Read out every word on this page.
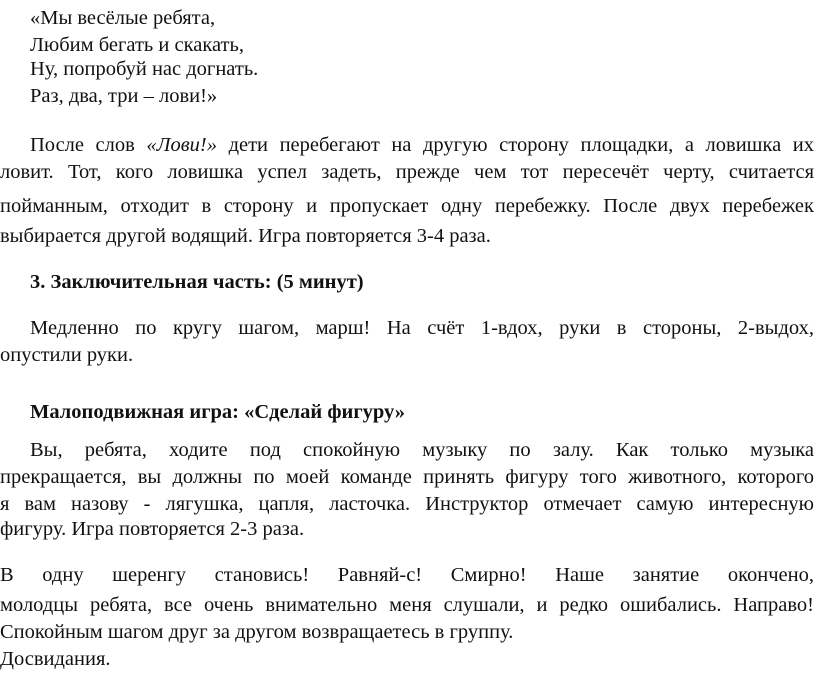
«Мы весёлые ребята,
Любим бегать и скакать,
Ну, попробуй нас догнать.
Раз, два, три – лови!»
После слов «Лови!» дети перебегают на другую сторону площадки, а ловишка их
ловит. Тот, кого ловишка успел задеть, прежде чем тот пересечёт черту, считается
пойманным, отходит в сторону и пропускает одну перебежку. После двух перебежек
выбирается другой водящий. Игра повторяется 3-4 раза.
3. Заключительная часть: (5 минут)
Медленно по кругу шагом, марш! На счёт 1-вдох, руки в стороны, 2-выдох,
опустили руки.
Малоподвижная игра: «Сделай фигуру»
Вы, ребята, ходите под спокойную музыку по залу. Как только музыка
прекращается, вы должны по моей команде принять фигуру того животного, которого
я вам назову - лягушка, цапля, ласточка. Инструктор отмечает самую интересную
фигуру. Игра повторяется 2-3 раза.
В одну шеренгу становись! Равняй-с! Смирно! Наше занятие окончено,
молодцы ребята, все очень внимательно меня слушали, и редко ошибались. Направо!
Спокойным шагом друг за другом возвращаетесь в группу.
Досвидания.
